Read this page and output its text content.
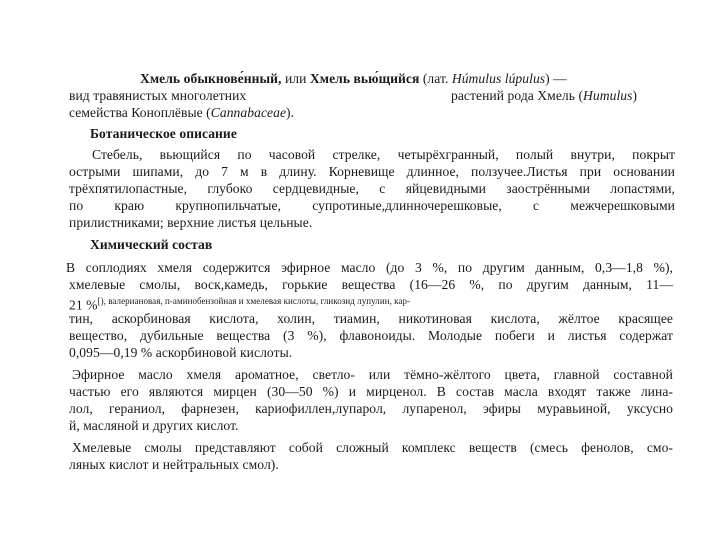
Хмель обыкнове́нный, или Хмель вью́щийся (лат. Húmulus lúpulus) —
вид травянистых многолетних	растений рода Хмель (Humulus)
семейства Коноплёвые (Cannabaceae).
Ботаническое описание
Стебель, вьющийся по часовой стрелке, четырёхгранный, полый внутри, покрыт
острыми шипами, до 7 м в длину. Корневище длинное, ползучее.Листья при основании
трёхпятилопастные, глубоко сердцевидные, с яйцевидными заострёнными лопастями,
по краю крупнопильчатые, супротиные,длинночерешковые, с межчерешковыми
прилистниками; верхние листья цельные.
Химический состав
В соплодиях хмеля содержится эфирное масло (до 3 %, по другим данным, 0,3—1,8 %),
хмелевые смолы, воск,камедь, горькие вещества (16—26 %, по другим данным, 11—
21 %$^{[), валериановая, п-аминобензойная и хмелевая кислоты, гликозид лупулин, кар-}$
тин, аскорбиновая кислота, холин, тиамин, никотиновая кислота, жёлтое красящее
вещество, дубильные вещества (3 %), флавоноиды. Молодые побеги и листья содержат
0,095—0,19 % аскорбиновой кислоты.
Эфирное масло хмеля ароматное, светло- или тёмно-жёлтого цвета, главной составной
частью его являются мирцен (30—50 %) и мирценол. В состав масла входят также лина-
лол, гераниол, фарнезен, кариофиллен,лупарол, лупаренол, эфиры муравьиной, уксусно
й, масляной и других кислот.
Хмелевые смолы представляют собой сложный комплекс веществ (смесь фенолов, смо-
ляных кислот и нейтральных смол).
